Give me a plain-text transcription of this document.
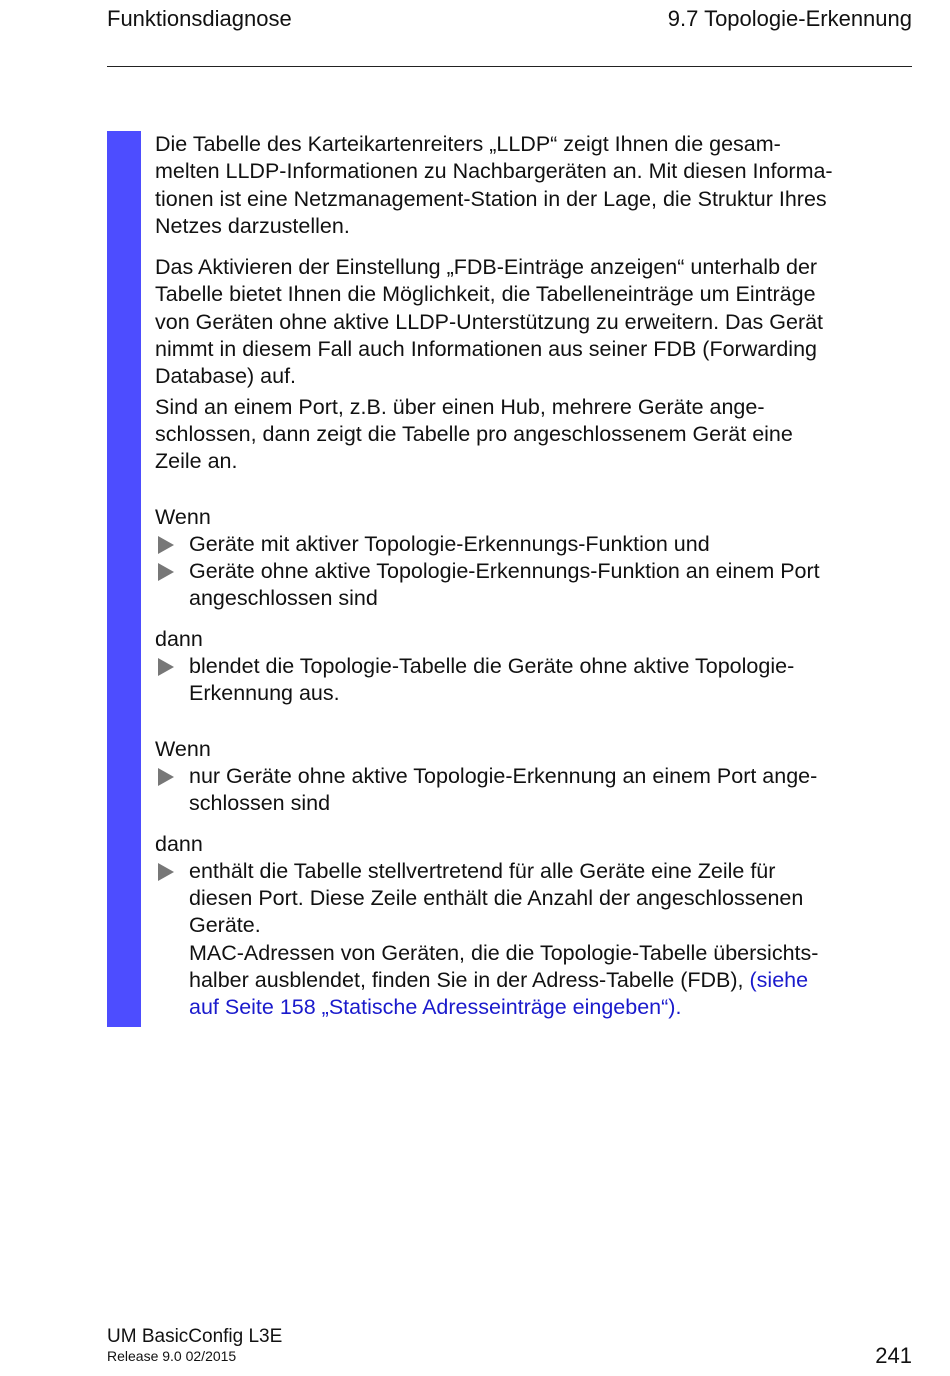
Funktionsdiagnose	9.7 Topologie-Erkennung

Die Tabelle des Karteikartenreiters „LLDP“ zeigt Ihnen die gesam-
melten LLDP-Informationen zu Nachbargeräten an. Mit diesen Informa-
tionen ist eine Netzmanagement-Station in der Lage, die Struktur Ihres
Netzes darzustellen.

Das Aktivieren der Einstellung „FDB-Einträge anzeigen“ unterhalb der
Tabelle bietet Ihnen die Möglichkeit, die Tabelleneinträge um Einträge
von Geräten ohne aktive LLDP-Unterstützung zu erweitern. Das Gerät
nimmt in diesem Fall auch Informationen aus seiner FDB (Forwarding
Database) auf.

Sind an einem Port, z.B. über einen Hub, mehrere Geräte ange-
schlossen, dann zeigt die Tabelle pro angeschlossenem Gerät eine
Zeile an.

Wenn

Geräte mit aktiver Topologie-Erkennungs-Funktion und
Geräte ohne aktive Topologie-Erkennungs-Funktion an einem Port
angeschlossen sind

dann

blendet die Topologie-Tabelle die Geräte ohne aktive Topologie-
Erkennung aus.

Wenn

nur Geräte ohne aktive Topologie-Erkennung an einem Port ange-
schlossen sind

dann

enthält die Tabelle stellvertretend für alle Geräte eine Zeile für
diesen Port. Diese Zeile enthält die Anzahl der angeschlossenen
Geräte.
MAC-Adressen von Geräten, die die Topologie-Tabelle übersichts-
halber ausblendet, finden Sie in der Adress-Tabelle (FDB), (siehe
auf Seite 158 „Statische Adresseinträge eingeben“).
UM BasicConfig L3E
Release 9.0 02/2015	241
